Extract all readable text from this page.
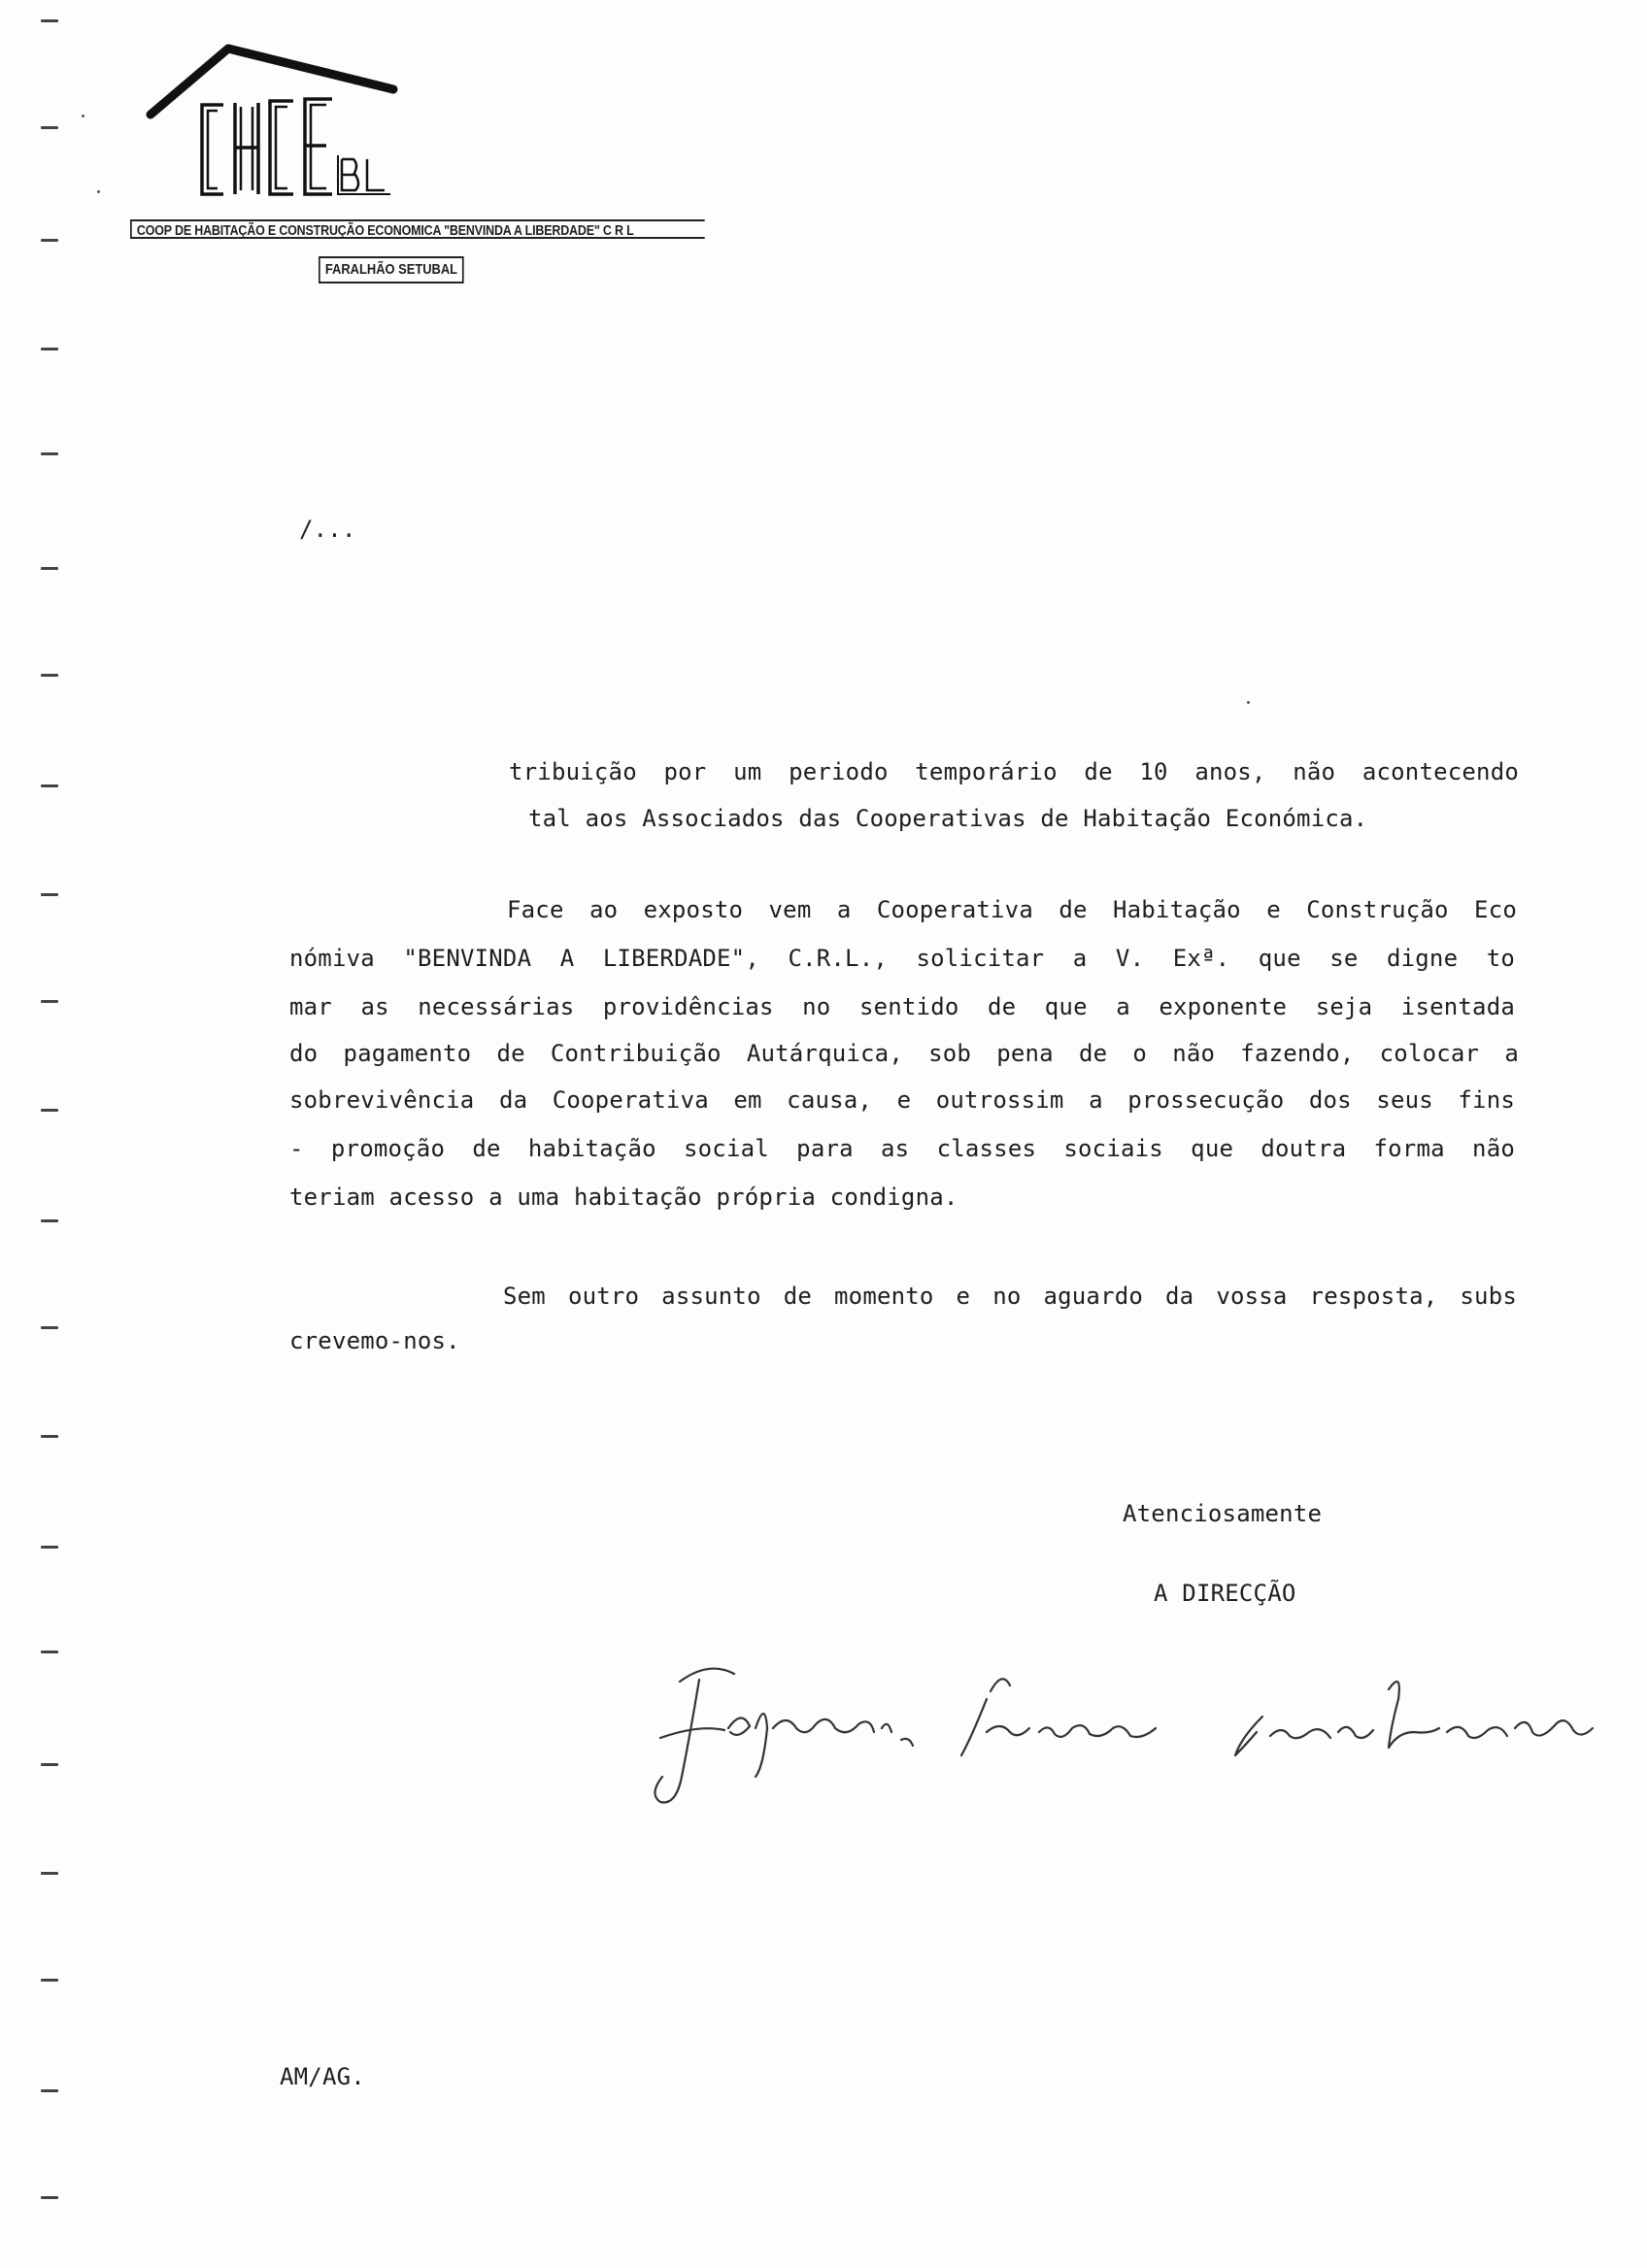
COOP DE HABITAÇÃO E CONSTRUÇÃO ECONOMICA "BENVINDA A LIBERDADE" C R L
FARALHÃO SETUBAL
/...
tribuição por um periodo temporário de 10 anos, não acontecendo
tal aos Associados das Cooperativas de Habitação Económica.
Face ao exposto vem a Cooperativa de Habitação e Construção Eco
nómiva "BENVINDA A LIBERDADE", C.R.L., solicitar a V. Exª. que se digne to
mar as necessárias providências no sentido de que a exponente seja isentada
do pagamento de Contribuição Autárquica, sob pena de o não fazendo, colocar a
sobrevivência da Cooperativa em causa, e outrossim a prossecução dos seus fins
- promoção de habitação social para as classes sociais que doutra forma não
teriam acesso a uma habitação própria condigna.
Sem outro assunto de momento e no aguardo da vossa resposta, subs
crevemo-nos.
Atenciosamente
A DIRECÇÃO
AM/AG.
